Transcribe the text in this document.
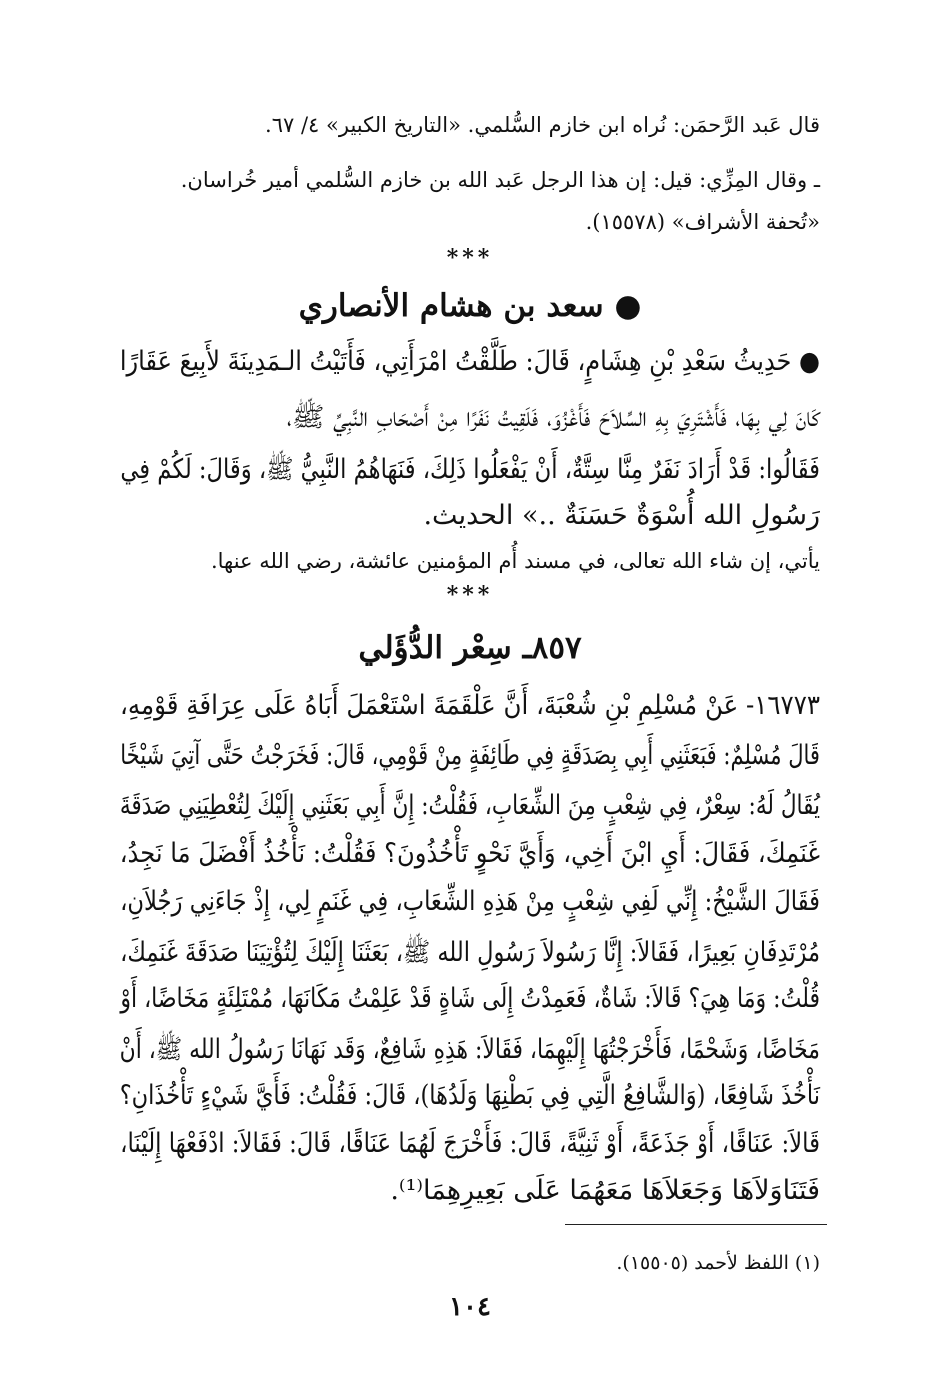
قال عَبد الرَّحمَن: نُراه ابن خازم السُّلمي. «التاريخ الكبير» ٤/ ٦٧.
ـ وقال المِزِّي: قيل: إن هذا الرجل عَبد الله بن خازم السُّلمي أمير خُراسان.
«تُحفة الأشراف» (١٥٥٧٨).
***
● سعد بن هشام الأنصاري
● حَدِيثُ سَعْدِ بْنِ هِشَامٍ، قَالَ: طَلَّقْتُ امْرَأَتِي، فَأَتَيْتُ الـمَدِينَةَ لأَبِيعَ عَقَارًا
كَانَ لِي بِهَا، فَأَشْتَرِيَ بِهِ السِّلاَحَ فَأَغْزُوَ، فَلَقِيتُ نَفَرًا مِنْ أَصْحَابِ النَّبِيِّ ﷺ،
فَقَالُوا: قَدْ أَرَادَ نَفَرٌ مِنَّا سِتَّةٌ، أَنْ يَفْعَلُوا ذَلِكَ، فَنَهَاهُمُ النَّبِيُّ ﷺ، وَقَالَ: لَكُمْ فِي
رَسُولِ الله أُسْوَةٌ حَسَنَةٌ ..» الحديث.
يأتي، إن شاء الله تعالى، في مسند أُم المؤمنين عائشة، رضي الله عنها.
***
٨٥٧ـ سِعْر الدُّؤَلي
١٦٧٧٣- عَنْ مُسْلِمِ بْنِ شُعْبَةَ، أَنَّ عَلْقَمَةَ اسْتَعْمَلَ أَبَاهُ عَلَى عِرَافَةِ قَوْمِهِ،
قَالَ مُسْلِمٌ: فَبَعَثَنِي أَبِي بِصَدَقَةٍ فِي طَائِفَةٍ مِنْ قَوْمِي، قَالَ: فَخَرَجْتُ حَتَّى آتِيَ شَيْخًا
يُقَالُ لَهُ: سِعْرٌ، فِي شِعْبٍ مِنَ الشِّعَابِ، فَقُلْتُ: إِنَّ أَبِي بَعَثَنِي إِلَيْكَ لِتُعْطِيَنِي صَدَقَةَ
غَنَمِكَ، فَقَالَ: أَيِ ابْنَ أَخِي، وَأَيَّ نَحْوٍ تَأْخُذُونَ؟ فَقُلْتُ: نَأْخُذُ أَفْضَلَ مَا نَجِدُ،
فَقَالَ الشَّيْخُ: إِنِّي لَفِي شِعْبٍ مِنْ هَذِهِ الشِّعَابِ، فِي غَنَمٍ لِي، إِذْ جَاءَنِي رَجُلاَنِ،
مُرْتَدِفَانِ بَعِيرًا، فَقَالاَ: إِنَّا رَسُولاَ رَسُولِ الله ﷺ، بَعَثَنَا إِلَيْكَ لِتُؤْتِيَنَا صَدَقَةَ غَنَمِكَ،
قُلْتُ: وَمَا هِيَ؟ قَالاَ: شَاةٌ، فَعَمِدْتُ إِلَى شَاةٍ قَدْ عَلِمْتُ مَكَانَهَا، مُمْتَلِئَةٍ مَخَاضًا، أَوْ
مَخَاضًا، وَشَحْمًا، فَأَخْرَجْتُهَا إِلَيْهِمَا، فَقَالاَ: هَذِهِ شَافِعٌ، وَقَد نَهَانَا رَسُولُ الله ﷺ، أَنْ
نَأْخُذَ شَافِعًا، (وَالشَّافِعُ الَّتِي فِي بَطْنِهَا وَلَدُهَا)، قَالَ: فَقُلْتُ: فَأَيَّ شَيْءٍ تَأْخُذَانِ؟
قَالاَ: عَنَاقًا، أَوْ جَذَعَةً، أَوْ ثَنِيَّةً، قَالَ: فَأَخْرَجَ لَهُمَا عَنَاقًا، قَالَ: فَقَالاَ: ادْفَعْهَا إِلَيْنَا،
فَتَنَاوَلاَهَا وَجَعَلاَهَا مَعَهُمَا عَلَى بَعِيرِهِمَا⁽¹⁾.
(١) اللفظ لأحمد (١٥٥٠٥).
١٠٤
